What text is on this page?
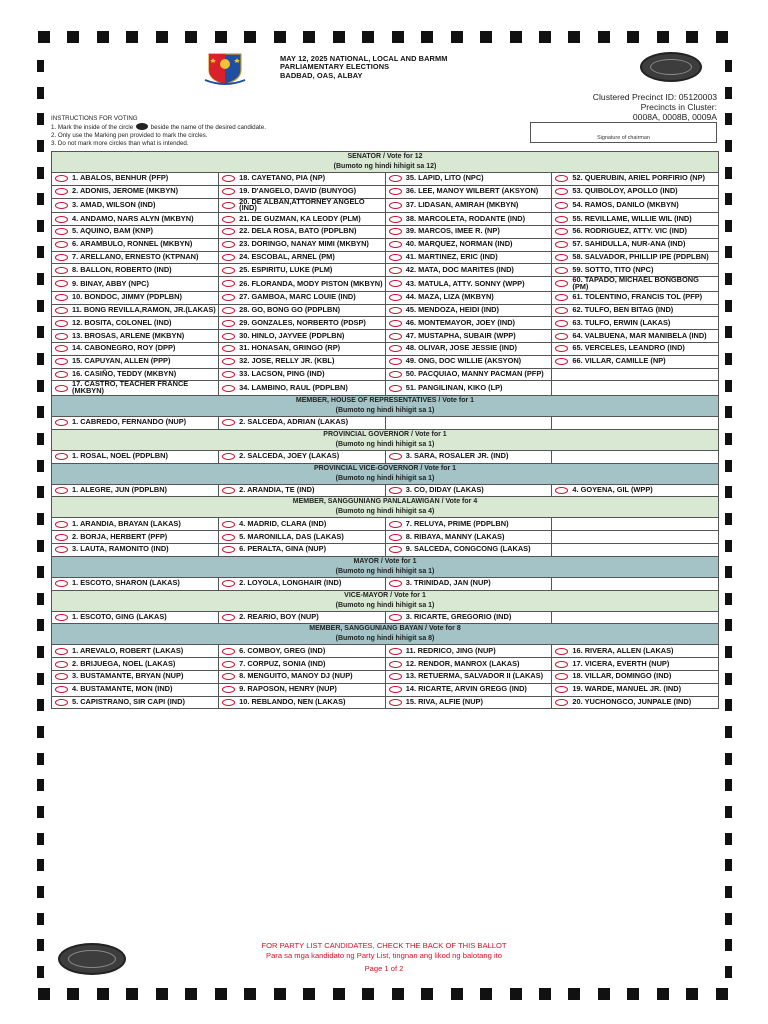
MAY 12, 2025 NATIONAL, LOCAL AND BARMM
PARLIAMENTARY ELECTIONS
BADBAD, OAS, ALBAY
Clustered Precinct ID: 05120003
Precincts in Cluster:
0008A, 0008B, 0009A
INSTRUCTIONS FOR VOTING
1. Mark the inside of the circle	beside the name of the desired candidate.
2. Only use the Marking pen provided to mark the circles.
3. Do not mark more circles than what is intended.
Signature of chairman
SENATOR / Vote for 12
(Bumoto ng hindi hihigit sa 12)			

1. ABALOS, BENHUR (PFP)	18. CAYETANO, PIA (NP)	35. LAPID, LITO (NPC)	52. QUERUBIN, ARIEL PORFIRIO (NP)

2. ADONIS, JEROME (MKBYN)	19. D'ANGELO, DAVID (BUNYOG)	36. LEE, MANOY WILBERT (AKSYON)	53. QUIBOLOY, APOLLO (IND)

3. AMAD, WILSON (IND)	20. DE ALBAN,ATTORNEY ANGELO (IND)	37. LIDASAN, AMIRAH (MKBYN)	54. RAMOS, DANILO (MKBYN)

4. ANDAMO, NARS ALYN (MKBYN)	21. DE GUZMAN, KA LEODY (PLM)	38. MARCOLETA, RODANTE (IND)	55. REVILLAME, WILLIE WIL (IND)

5. AQUINO, BAM (KNP)	22. DELA ROSA, BATO (PDPLBN)	39. MARCOS, IMEE R. (NP)	56. RODRIGUEZ, ATTY. VIC (IND)

6. ARAMBULO, RONNEL (MKBYN)	23. DORINGO, NANAY MIMI (MKBYN)	40. MARQUEZ, NORMAN (IND)	57. SAHIDULLA, NUR-ANA (IND)

7. ARELLANO, ERNESTO (KTPNAN)	24. ESCOBAL, ARNEL (PM)	41. MARTINEZ, ERIC (IND)	58. SALVADOR, PHILLIP IPE (PDPLBN)

8. BALLON, ROBERTO (IND)	25. ESPIRITU, LUKE (PLM)	42. MATA, DOC MARITES (IND)	59. SOTTO, TITO (NPC)

9. BINAY, ABBY (NPC)	26. FLORANDA, MODY PISTON (MKBYN)	43. MATULA, ATTY. SONNY (WPP)	60. TAPADO, MICHAEL BONGBONG (PM)

10. BONDOC, JIMMY (PDPLBN)	27. GAMBOA, MARC LOUIE (IND)	44. MAZA, LIZA (MKBYN)	61. TOLENTINO, FRANCIS TOL (PFP)

11. BONG REVILLA,RAMON, JR.(LAKAS)	28. GO, BONG GO (PDPLBN)	45. MENDOZA, HEIDI (IND)	62. TULFO, BEN BITAG (IND)

12. BOSITA, COLONEL (IND)	29. GONZALES, NORBERTO (PDSP)	46. MONTEMAYOR, JOEY (IND)	63. TULFO, ERWIN (LAKAS)

13. BROSAS, ARLENE (MKBYN)	30. HINLO, JAYVEE (PDPLBN)	47. MUSTAPHA, SUBAIR (WPP)	64. VALBUENA, MAR MANIBELA (IND)

14. CABONEGRO, ROY (DPP)	31. HONASAN, GRINGO (RP)	48. OLIVAR, JOSE JESSIE (IND)	65. VERCELES, LEANDRO (IND)

15. CAPUYAN, ALLEN (PPP)	32. JOSE, RELLY JR. (KBL)	49. ONG, DOC WILLIE (AKSYON)	66. VILLAR, CAMILLE (NP)

16. CASIÑO, TEDDY (MKBYN)	33. LACSON, PING (IND)	50. PACQUIAO, MANNY PACMAN (PFP)	

17. CASTRO, TEACHER FRANCE (MKBYN)	34. LAMBINO, RAUL (PDPLBN)	51. PANGILINAN, KIKO (LP)	

MEMBER, HOUSE OF REPRESENTATIVES / Vote for 1
(Bumoto ng hindi hihigit sa 1)			

1. CABREDO, FERNANDO (NUP)	2. SALCEDA, ADRIAN (LAKAS)		

PROVINCIAL GOVERNOR / Vote for 1
(Bumoto ng hindi hihigit sa 1)			

1. ROSAL, NOEL (PDPLBN)	2. SALCEDA, JOEY (LAKAS)	3. SARA, ROSALER JR. (IND)	

PROVINCIAL VICE-GOVERNOR / Vote for 1
(Bumoto ng hindi hihigit sa 1)			

1. ALEGRE, JUN (PDPLBN)	2. ARANDIA, TE (IND)	3. CO, DIDAY (LAKAS)	4. GOYENA, GIL (WPP)

MEMBER, SANGGUNIANG PANLALAWIGAN / Vote for 4
(Bumoto ng hindi hihigit sa 4)			

1. ARANDIA, BRAYAN (LAKAS)	4. MADRID, CLARA (IND)	7. RELUYA, PRIME (PDPLBN)	

2. BORJA, HERBERT (PFP)	5. MARONILLA, DAS (LAKAS)	8. RIBAYA, MANNY (LAKAS)	

3. LAUTA, RAMONITO (IND)	6. PERALTA, GINA (NUP)	9. SALCEDA, CONGCONG (LAKAS)	

MAYOR / Vote for 1
(Bumoto ng hindi hihigit sa 1)			

1. ESCOTO, SHARON (LAKAS)	2. LOYOLA, LONGHAIR (IND)	3. TRINIDAD, JAN (NUP)	

VICE-MAYOR / Vote for 1
(Bumoto ng hindi hihigit sa 1)			

1. ESCOTO, GING (LAKAS)	2. REARIO, BOY (NUP)	3. RICARTE, GREGORIO (IND)	

MEMBER, SANGGUNIANG BAYAN / Vote for 8
(Bumoto ng hindi hihigit sa 8)			

1. AREVALO, ROBERT (LAKAS)	6. COMBOY, GREG (IND)	11. REDRICO, JING (NUP)	16. RIVERA, ALLEN (LAKAS)

2. BRIJUEGA, NOEL (LAKAS)	7. CORPUZ, SONIA (IND)	12. RENDOR, MANROX (LAKAS)	17. VICERA, EVERTH (NUP)

3. BUSTAMANTE, BRYAN (NUP)	8. MENGUITO, MANOY DJ (NUP)	13. RETUERMA, SALVADOR II (LAKAS)	18. VILLAR, DOMINGO (IND)

4. BUSTAMANTE, MON (IND)	9. RAPOSON, HENRY (NUP)	14. RICARTE, ARVIN GREGG (IND)	19. WARDE, MANUEL JR. (IND)

5. CAPISTRANO, SIR CAPI (IND)	10. REBLANDO, NEN (LAKAS)	15. RIVA, ALFIE (NUP)	20. YUCHONGCO, JUNPALE (IND)
FOR PARTY LIST CANDIDATES, CHECK THE BACK OF THIS BALLOT
Para sa mga kandidato ng Party List, tingnan ang likod ng balotang ito
Page 1 of 2
